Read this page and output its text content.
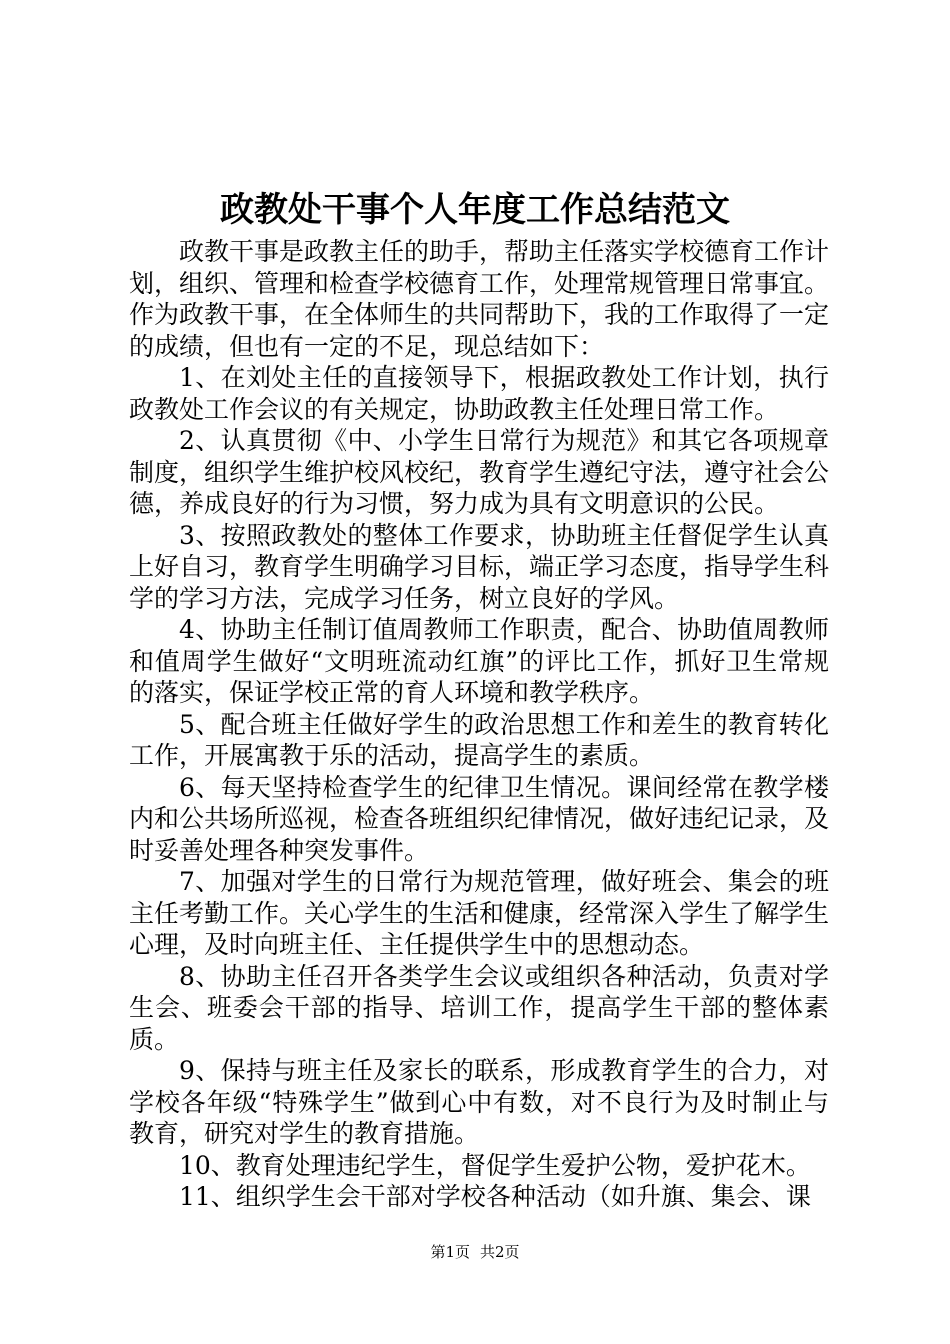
政教处干事个人年度工作总结范文

政教干事是政教主任的助手，帮助主任落实学校德育工作计划，组织、管理和检查学校德育工作，处理常规管理日常事宜。作为政教干事，在全体师生的共同帮助下，我的工作取得了一定的成绩，但也有一定的不足，现总结如下：

1、在刘处主任的直接领导下，根据政教处工作计划，执行政教处工作会议的有关规定，协助政教主任处理日常工作。

2、认真贯彻《中、小学生日常行为规范》和其它各项规章制度，组织学生维护校风校纪，教育学生遵纪守法，遵守社会公德，养成良好的行为习惯，努力成为具有文明意识的公民。

3、按照政教处的整体工作要求，协助班主任督促学生认真上好自习，教育学生明确学习目标，端正学习态度，指导学生科学的学习方法，完成学习任务，树立良好的学风。

4、协助主任制订值周教师工作职责，配合、协助值周教师和值周学生做好“文明班流动红旗”的评比工作，抓好卫生常规的落实，保证学校正常的育人环境和教学秩序。

5、配合班主任做好学生的政治思想工作和差生的教育转化工作，开展寓教于乐的活动，提高学生的素质。

6、每天坚持检查学生的纪律卫生情况。课间经常在教学楼内和公共场所巡视，检查各班组织纪律情况，做好违纪记录，及时妥善处理各种突发事件。

7、加强对学生的日常行为规范管理，做好班会、集会的班主任考勤工作。关心学生的生活和健康，经常深入学生了解学生心理，及时向班主任、主任提供学生中的思想动态。

8、协助主任召开各类学生会议或组织各种活动，负责对学生会、班委会干部的指导、培训工作，提高学生干部的整体素质。

9、保持与班主任及家长的联系，形成教育学生的合力，对学校各年级“特殊学生”做到心中有数，对不良行为及时制止与教育，研究对学生的教育措施。

10、教育处理违纪学生，督促学生爱护公物，爱护花木。

11、组织学生会干部对学校各种活动（如升旗、集会、课

第1页 共2页
